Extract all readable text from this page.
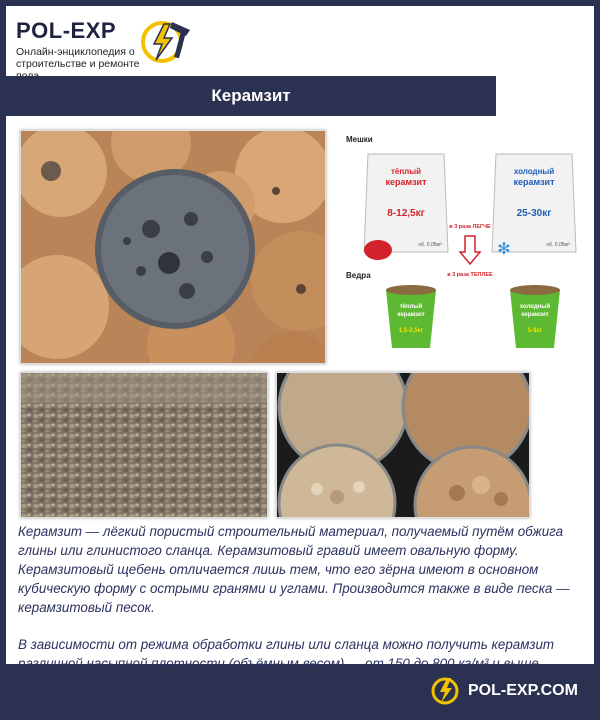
POL-EXP
Онлайн-энциклопедия о строительстве и ремонте
Керамзит
Мешки
тёплый
керамзит
8-12,5кг
об. 0,05м³
холодный
керамзит
25-30кг
об. 0,05м³
✻
в 3 раза ЛЕГЧЕ
в 3 раза ТЕПЛЕЕ
Ведра
тёплый
керамзит
1,5-2,5кг
холодный
керамзит
5-8кг

Керамзит — лёгкий пористый строительный материал, получаемый путём обжига глины или глинистого сланца. Керамзитовый гравий имеет овальную форму. Керамзитовый щебень отличается лишь тем, что его зёрна имеют в основном кубическую форму с острыми гранями и углами. Производится также в виде песка — керамзитовый песок.

В зависимости от режима обработки глины или сланца можно получить керамзит различной насыпной плотности (объёмным весом) — от 150 до 800 кг/м³ и выше.

POL-EXP.COM
